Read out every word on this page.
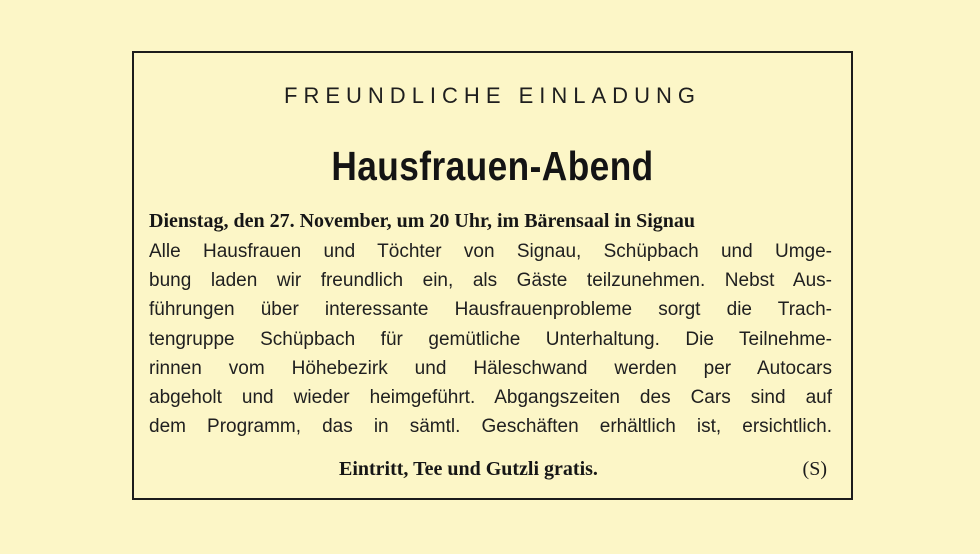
FREUNDLICHE EINLADUNG
Hausfrauen-Abend
Dienstag, den 27. November, um 20 Uhr, im Bärensaal in Signau
Alle Hausfrauen und Töchter von Signau, Schüpbach und Umge-
bung laden wir freundlich ein, als Gäste teilzunehmen. Nebst Aus-
führungen über interessante Hausfrauenprobleme sorgt die Trach-
tengruppe Schüpbach für gemütliche Unterhaltung. Die Teilnehme-
rinnen vom Höhebezirk und Häleschwand werden per Autocars
abgeholt und wieder heimgeführt. Abgangszeiten des Cars sind auf
dem Programm, das in sämtl. Geschäften erhältlich ist, ersichtlich.
Eintritt, Tee und Gutzli gratis.	(S)
